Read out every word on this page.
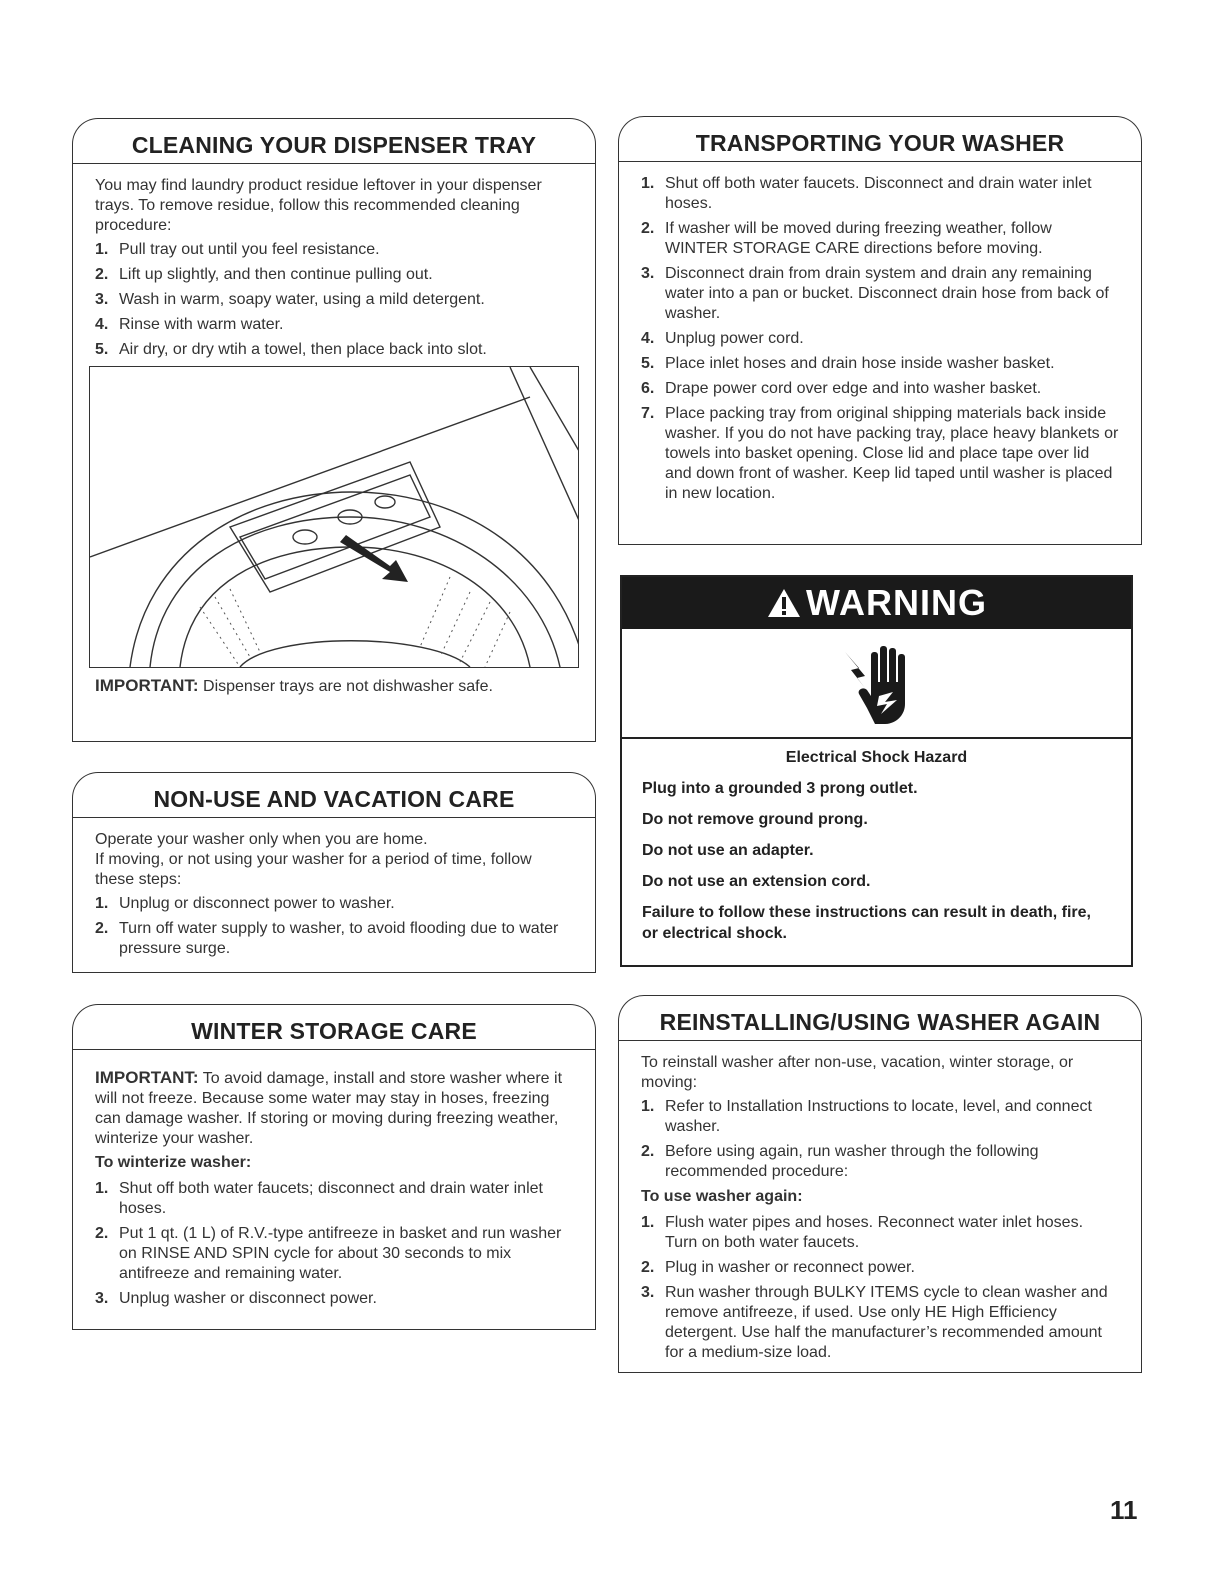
CLEANING YOUR DISPENSER TRAY

You may find laundry product residue leftover in your dispenser trays. To remove residue, follow this recommended cleaning procedure:

1. Pull tray out until you feel resistance.
2. Lift up slightly, and then continue pulling out.
3. Wash in warm, soapy water, using a mild detergent.
4. Rinse with warm water.
5. Air dry, or dry wtih a towel, then place back into slot.
IMPORTANT: Dispenser trays are not dishwasher safe.
NON-USE AND VACATION CARE

Operate your washer only when you are home.

If moving, or not using your washer for a period of time, follow these steps:

1. Unplug or disconnect power to washer.
2. Turn off water supply to washer, to avoid flooding due to water pressure surge.
WINTER STORAGE CARE

IMPORTANT: To avoid damage, install and store washer where it will not freeze. Because some water may stay in hoses, freezing can damage washer. If storing or moving during freezing weather, winterize your washer.

To winterize washer:
1. Shut off both water faucets; disconnect and drain water inlet hoses.
2. Put 1 qt. (1 L) of R.V.-type antifreeze in basket and run washer on RINSE AND SPIN cycle for about 30 seconds to mix antifreeze and remaining water.
3. Unplug washer or disconnect power.
TRANSPORTING YOUR WASHER
1. Shut off both water faucets. Disconnect and drain water inlet hoses.
2. If washer will be moved during freezing weather, follow WINTER STORAGE CARE directions before moving.
3. Disconnect drain from drain system and drain any remaining water into a pan or bucket. Disconnect drain hose from back of washer.
4. Unplug power cord.
5. Place inlet hoses and drain hose inside washer basket.
6. Drape power cord over edge and into washer basket.
7. Place packing tray from original shipping materials back inside washer. If you do not have packing tray, place heavy blankets or towels into basket opening. Close lid and place tape over lid and down front of washer. Keep lid taped until washer is placed in new location.
WARNING
Electrical Shock Hazard

Plug into a grounded 3 prong outlet.

Do not remove ground prong.

Do not use an adapter.

Do not use an extension cord.

Failure to follow these instructions can result in death, fire, or electrical shock.

REINSTALLING/USING WASHER AGAIN

To reinstall washer after non-use, vacation, winter storage, or moving:

1. Refer to Installation Instructions to locate, level, and connect washer.
2. Before using again, run washer through the following recommended procedure:
To use washer again:
1. Flush water pipes and hoses. Reconnect water inlet hoses. Turn on both water faucets.
2. Plug in washer or reconnect power.
3. Run washer through BULKY ITEMS cycle to clean washer and remove antifreeze, if used. Use only HE High Efficiency detergent. Use half the manufacturer’s recommended amount for a medium-size load.
11
